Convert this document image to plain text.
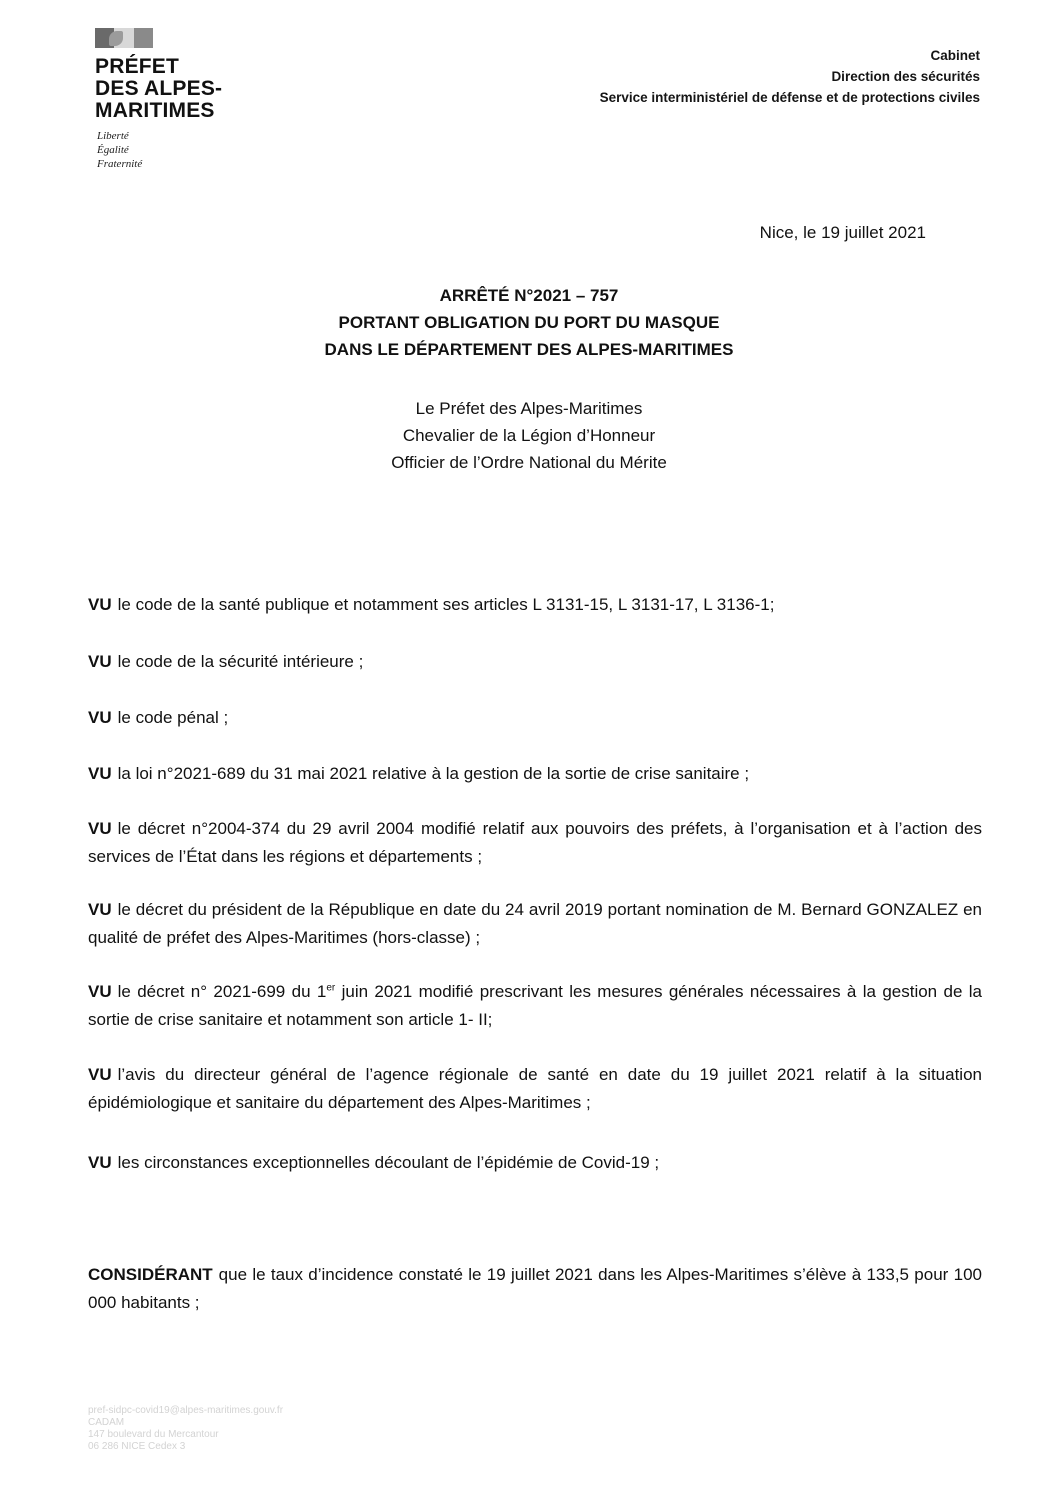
PRÉFET
DES ALPES-
MARITIMES
Liberté
Égalité
Fraternité
Cabinet
Direction des sécurités
Service interministériel de défense et de protections civiles
Nice, le 19 juillet 2021
ARRÊTÉ N°2021 – 757
PORTANT OBLIGATION DU PORT DU MASQUE
DANS LE DÉPARTEMENT DES ALPES-MARITIMES
Le Préfet des Alpes-Maritimes
Chevalier de la Légion d’Honneur
Officier de l’Ordre National du Mérite
VU le code de la santé publique et notamment ses articles L 3131-15, L 3131-17, L 3136-1;
VU le code de la sécurité intérieure ;
VU le code pénal ;
VU la loi n°2021-689 du 31 mai 2021 relative à la gestion de la sortie de crise sanitaire ;
VU le décret n°2004-374 du 29 avril 2004 modifié relatif aux pouvoirs des préfets, à l’organisation et à l’action des services de l’État dans les régions et départements ;
VU le décret du président de la République en date du 24 avril 2019 portant nomination de M. Bernard GONZALEZ en qualité de préfet des Alpes-Maritimes (hors-classe) ;
VU le décret n° 2021-699 du 1er juin 2021 modifié prescrivant les mesures générales nécessaires à la gestion de la sortie de crise sanitaire et notamment son article 1- II;
VU l’avis du directeur général de l’agence régionale de santé en date du 19 juillet 2021 relatif à la situation épidémiologique et sanitaire du département des Alpes-Maritimes ;
VU les circonstances exceptionnelles découlant de l’épidémie de Covid-19 ;
CONSIDÉRANT que le taux d’incidence constaté le 19 juillet 2021 dans les Alpes-Maritimes s’élève à 133,5 pour 100 000 habitants ;
pref-sidpc-covid19@alpes-maritimes.gouv.fr
CADAM
147 boulevard du Mercantour
06 286 NICE Cedex 3
